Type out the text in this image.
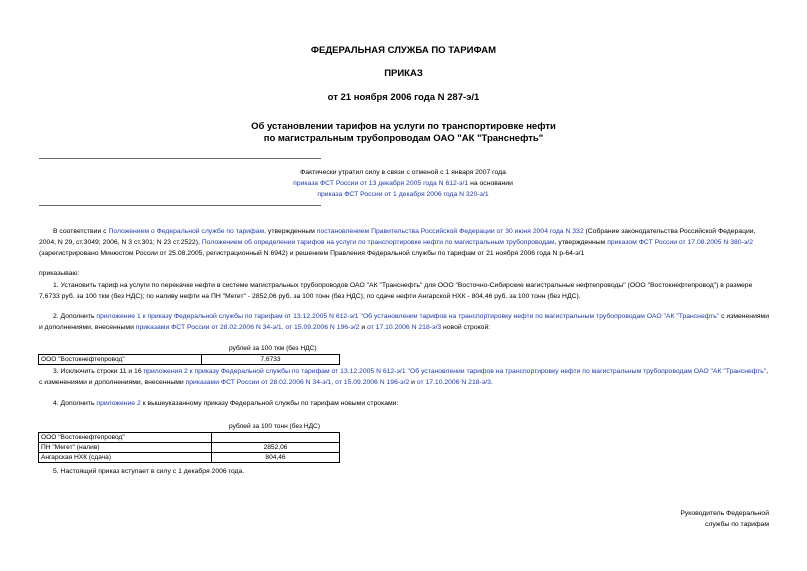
ФЕДЕРАЛЬНАЯ СЛУЖБА ПО ТАРИФАМ
ПРИКАЗ
от 21 ноября 2006 года N 287-э/1
Об установлении тарифов на услуги по транспортировке нефти
по магистральным трубопроводам ОАО "АК "Транснефть"
Фактически утратил силу в связи с отменой с 1 января 2007 года
приказа ФСТ России от 13 декабря 2005 года N 612-э/1 на основании
приказа ФСТ России от 1 декабря 2006 года N 320-э/1
В соответствии с Положением о Федеральной службе по тарифам, утвержденным постановлением Правительства Российской Федерации от 30 июня 2004 года N 332 (Собрание законодательства Российской Федерации, 2004, N 29, ст.3049; 2006, N 3 ст.301; N 23 ст.2522), Положением об определении тарифов на услуги по транспортировке нефти по магистральным трубопроводам, утвержденным приказом ФСТ России от 17.08.2005 N 380-э/2 (зарегистрировано Минюстом России от 25.08.2005, регистрационный N 6942) и решением Правления Федеральной службы по тарифам от 21 ноября 2006 года N р-64-э/1
приказываю:
1. Установить тариф на услуги по перекачке нефти в системе магистральных трубопроводов ОАО "АК "Транснефть" для ООО "Восточно-Сибирские магистральные нефтепроводы" (ООО "Востокнефтепровод") в размере 7,6733 руб. за 100 ткм (без НДС); по наливу нефти на ПН "Мегет" - 2852,06 руб. за 100 тонн (без НДС); по сдаче нефти Ангарской НХК - 804,46 руб. за 100 тонн (без НДС).
2. Дополнить приложение 1 к приказу Федеральной службы по тарифам от 13.12.2005 N 612-э/1 "Об установлении тарифов на транспортировку нефти по магистральным трубопроводам ОАО "АК "Транснефть" с изменениями и дополнениями, внесенными приказами ФСТ России от 28.02.2006 N 34-э/1, от 15.09.2006 N 196-э/2 и от 17.10.2006 N 218-э/3 новой строкой:
рублей за 100 ткм (без НДС)
ООО "Востокнефтепровод"	7,6733
3. Исключить строки 11 и 16 приложения 2 к приказу Федеральной службы по тарифам от 13.12.2005 N 612-э/1 "Об установлении тарифов на транспортировку нефти по магистральным трубопроводам ОАО "АК "Транснефть", с изменениями и дополнениями, внесенными приказами ФСТ России от 28.02.2006 N 34-э/1, от 15.09.2006 N 196-э/2 и от 17.10.2006 N 218-э/3.
4. Дополнить приложение 2 к вышеуказанному приказу Федеральной службы по тарифам новыми строками:
рублей за 100 тонн (без НДС)
ООО "Востокнефтепровод"	
ПН "Мегет" (налив)	2852,06
Ангарская НХК (сдача)	804,46
5. Настоящий приказ вступает в силу с 1 декабря 2006 года.
Руководитель Федеральной
службы по тарифам
